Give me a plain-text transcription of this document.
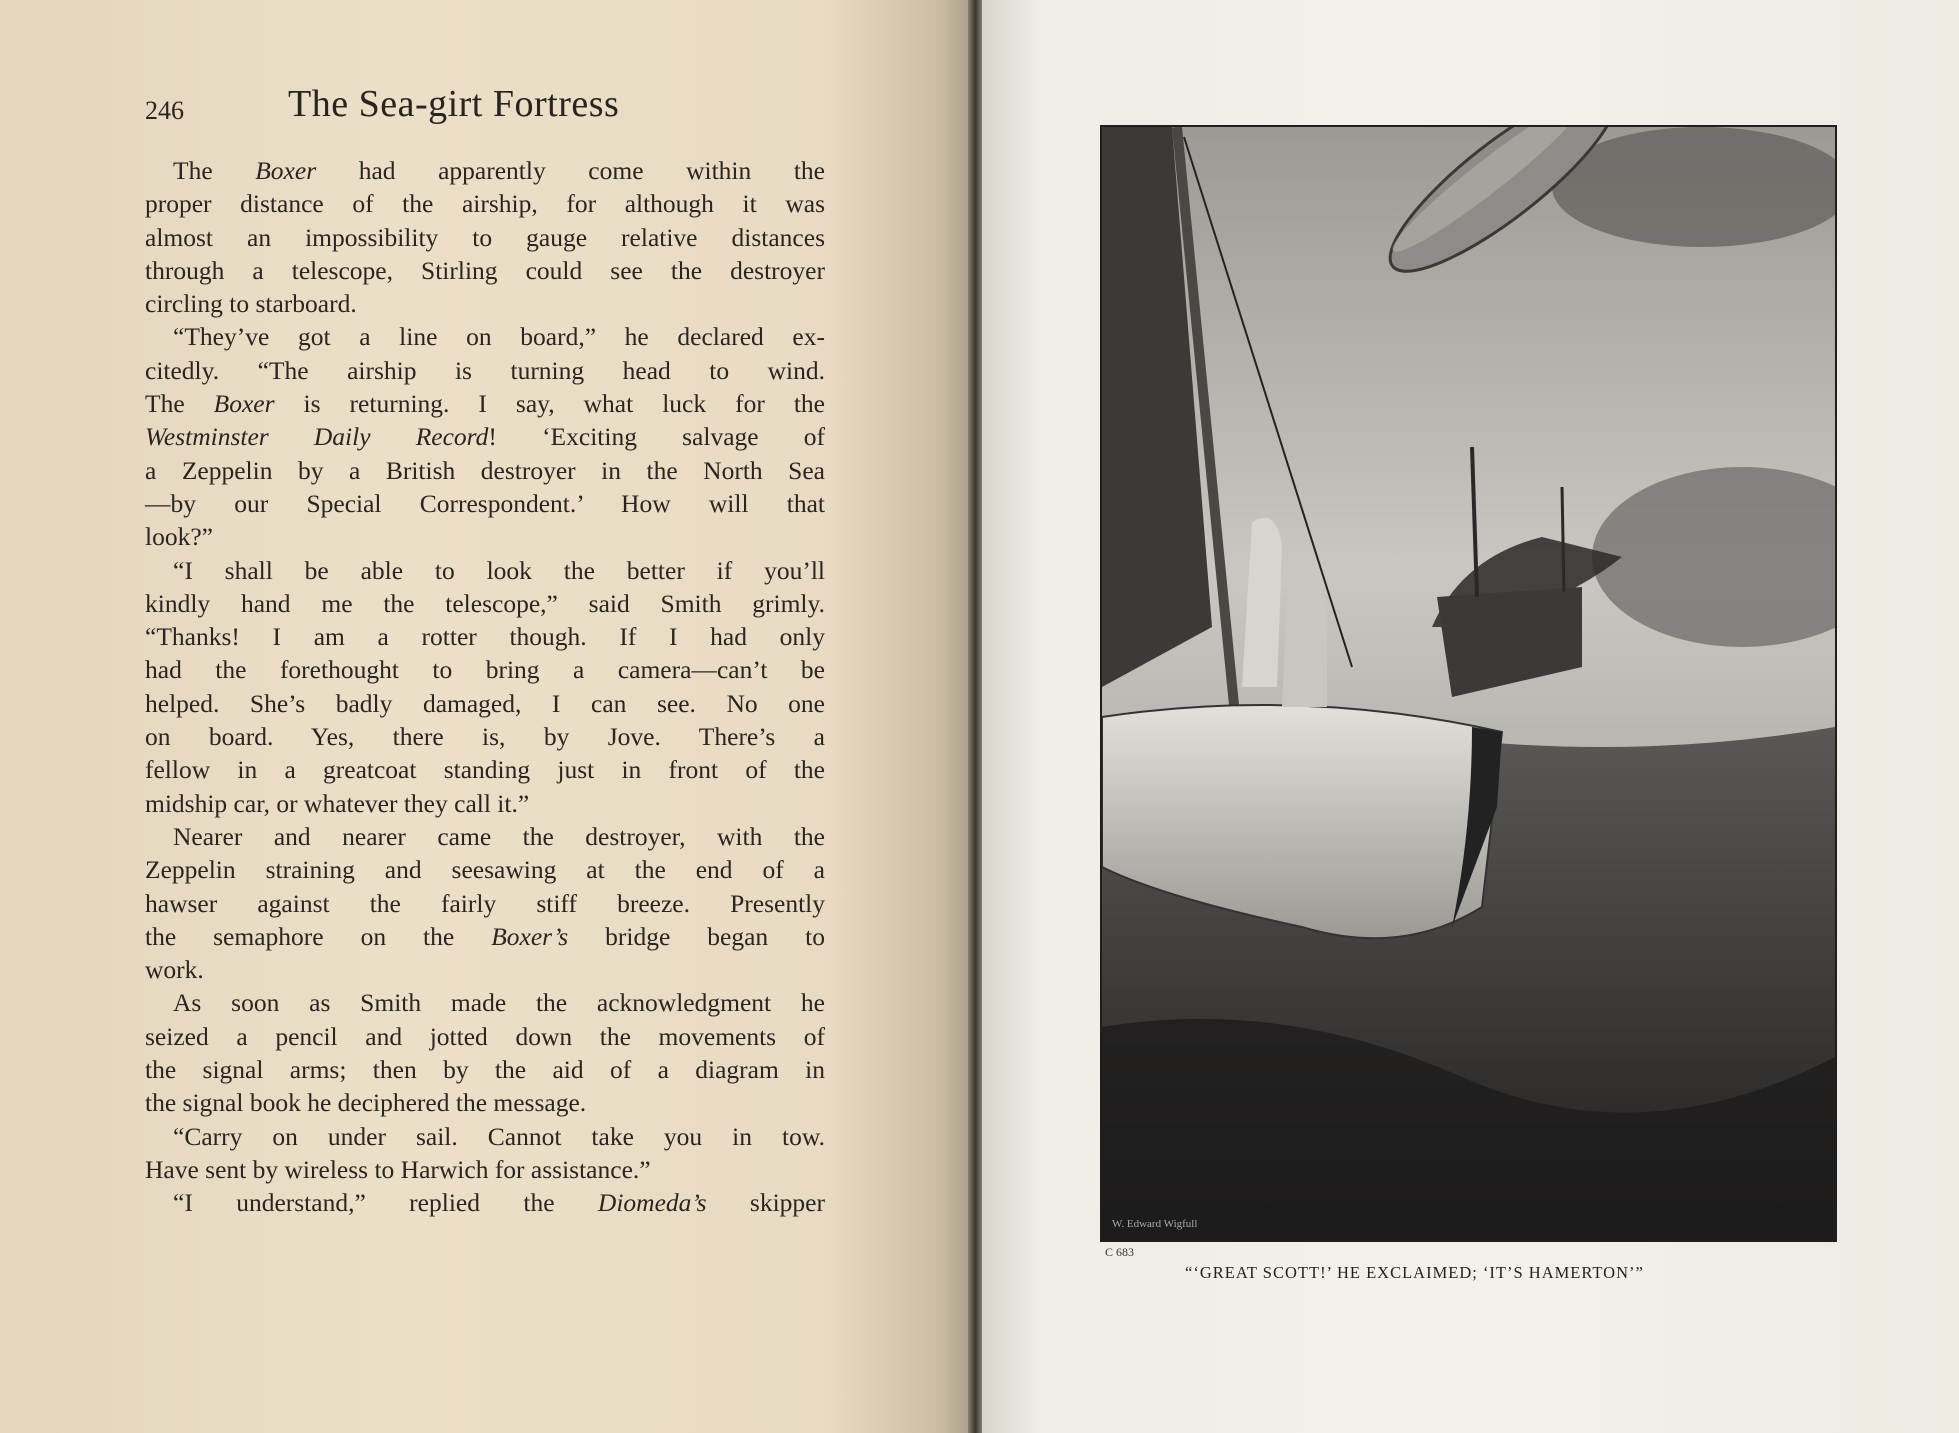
246	The Sea-girt Fortress
The Boxer had apparently come within the
proper distance of the airship, for although it was
almost an impossibility to gauge relative distances
through a telescope, Stirling could see the destroyer
circling to starboard.
“They’ve got a line on board,” he declared ex-
citedly. “The airship is turning head to wind.
The Boxer is returning. I say, what luck for the
Westminster Daily Record! ‘Exciting salvage of
a Zeppelin by a British destroyer in the North Sea
—by our Special Correspondent.’ How will that
look?”
“I shall be able to look the better if you’ll
kindly hand me the telescope,” said Smith grimly.
“Thanks! I am a rotter though. If I had only
had the forethought to bring a camera—can’t be
helped. She’s badly damaged, I can see. No one
on board. Yes, there is, by Jove. There’s a
fellow in a greatcoat standing just in front of the
midship car, or whatever they call it.”
Nearer and nearer came the destroyer, with the
Zeppelin straining and seesawing at the end of a
hawser against the fairly stiff breeze. Presently
the semaphore on the Boxer’s bridge began to
work.
As soon as Smith made the acknowledgment he
seized a pencil and jotted down the movements of
the signal arms; then by the aid of a diagram in
the signal book he deciphered the message.
“Carry on under sail. Cannot take you in tow.
Have sent by wireless to Harwich for assistance.”
“I understand,” replied the Diomeda’s skipper
W. Edward Wigfull
C 683
“‘GREAT SCOTT!’ HE EXCLAIMED; ‘IT’S HAMERTON’”
